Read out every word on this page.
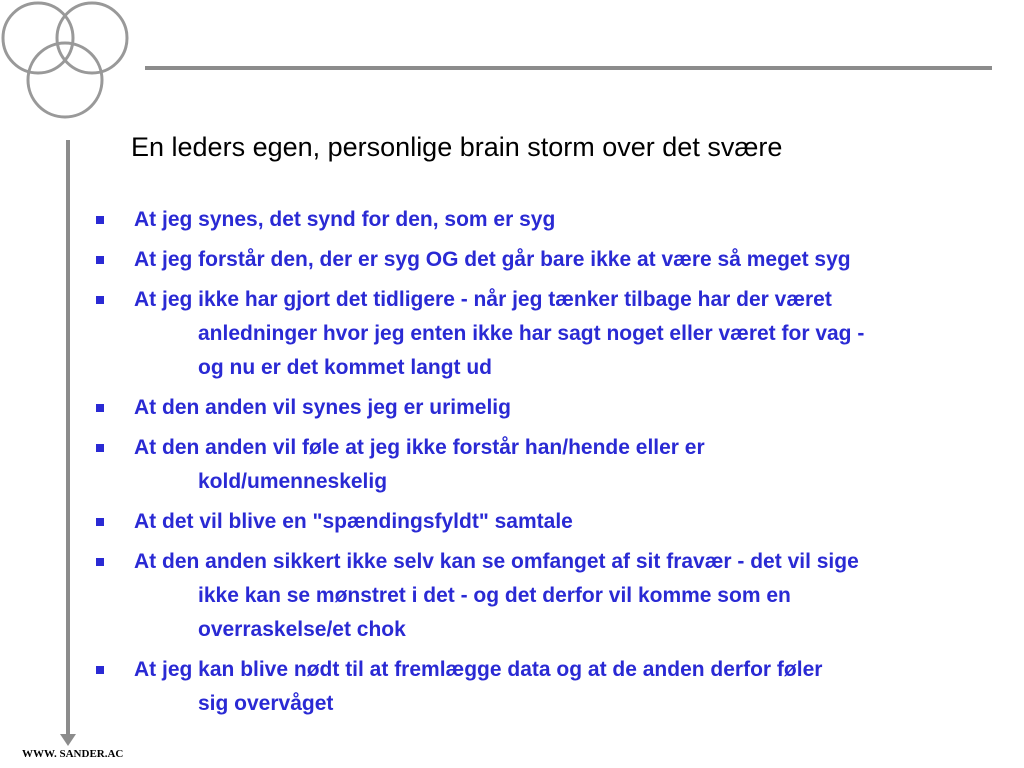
En leders egen, personlige brain storm over det svære
At jeg synes, det synd for den, som er syg
At jeg forstår den, der er syg OG det går bare ikke at være så meget syg
At jeg ikke har gjort det tidligere - når jeg tænker tilbage har der været
anledninger hvor jeg enten ikke har sagt noget eller været for vag -
og nu er det kommet langt ud
At den anden vil synes jeg er urimelig
At den anden vil føle at jeg ikke forstår han/hende eller er
kold/umenneskelig
At det vil blive en "spændingsfyldt" samtale
At den anden sikkert ikke selv kan se omfanget af sit fravær - det vil sige
ikke kan se mønstret i det - og det derfor vil komme som en
overraskelse/et chok
At jeg kan blive nødt til at fremlægge data og at de anden derfor føler
sig overvåget
WWW. SANDER.AC
